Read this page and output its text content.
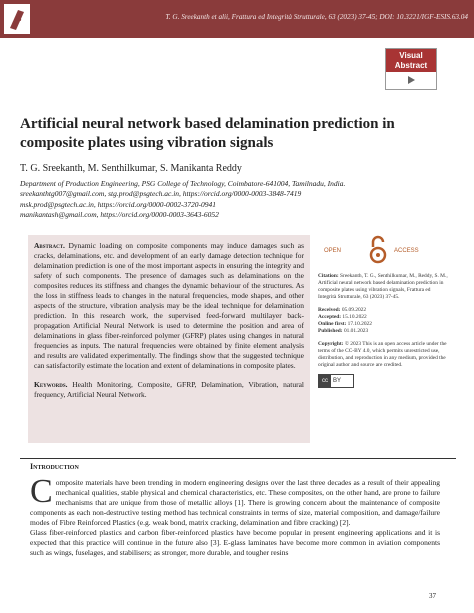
T. G. Sreekanth et alii, Frattura ed Integrità Strutturale, 63 (2023) 37-45; DOI: 10.3221/IGF-ESIS.63.04
Visual
Abstract
Artificial neural network based delamination prediction in composite plates using vibration signals
T. G. Sreekanth, M. Senthilkumar, S. Manikanta Reddy
Department of Production Engineering, PSG College of Technology, Coimbatore-641004, Tamilnadu, India.
sreekanthtg007@gmail.com, stg.prod@psgtech.ac.in, https://orcid.org/0000-0003-3848-7419
msk.prod@psgtech.ac.in, https://orcid.org/0000-0002-3720-0941
manikantash@gmail.com, https://orcid.org/0000-0003-3643-6052
Abstract. Dynamic loading on composite components may induce damages such as cracks, delaminations, etc. and development of an early damage detection technique for delamination prediction is one of the most important aspects in ensuring the integrity and safety of such components. The presence of damages such as delaminations on the composites reduces its stiffness and changes the dynamic behaviour of the structures. As the loss in stiffness leads to changes in the natural frequencies, mode shapes, and other aspects of the structure, vibration analysis may be the ideal technique for delamination prediction. In this research work, the supervised feed-forward multilayer back-propagation Artificial Neural Network is used to determine the position and area of delaminations in glass fiber-reinforced polymer (GFRP) plates using changes in natural frequencies as inputs. The natural frequencies were obtained by finite element analysis and results are validated experimentally. The findings show that the suggested technique can satisfactorily estimate the location and extent of delaminations in composite plates.
Keywords. Health Monitoring, Composite, GFRP, Delamination, Vibration, natural frequency, Artificial Neural Network.
OPEN	ACCESS
Citation: Sreekanth, T. G., Senthilkumar, M., Reddy, S. M., Artificial neural network based delamination prediction in composite plates using vibration signals, Frattura ed Integrità Strutturale, 63 (2023) 37-45.
Received: 05.09.2022
Accepted: 15.10.2022
Online first: 17.10.2022
Published: 01.01.2023
Copyright: © 2023 This is an open access article under the terms of the CC-BY 4.0, which permits unrestricted use, distribution, and reproduction in any medium, provided the original author and source are credited.
cc BY
Introduction

Composite materials have been trending in modern engineering designs over the last three decades as a result of their appealing mechanical qualities, stable physical and chemical characteristics, etc. These composites, on the other hand, are prone to failure mechanisms that are unique from those of metallic alloys [1]. There is growing concern about the maintenance of composite components as each non-destructive testing method has technical constraints in terms of size, material composition, and damage/failure modes of Fibre Reinforced Plastics (e.g. weak bond, matrix cracking, delamination and fibre cracking) [2].

Glass fiber-reinforced plastics and carbon fiber-reinforced plastics have become popular in present engineering applications and it is expected that this practice will continue in the future also [3]. E-glass laminates have become more common in aviation components such as wings, fuselages, and stabilisers; as stronger, more durable, and tougher resins

37
